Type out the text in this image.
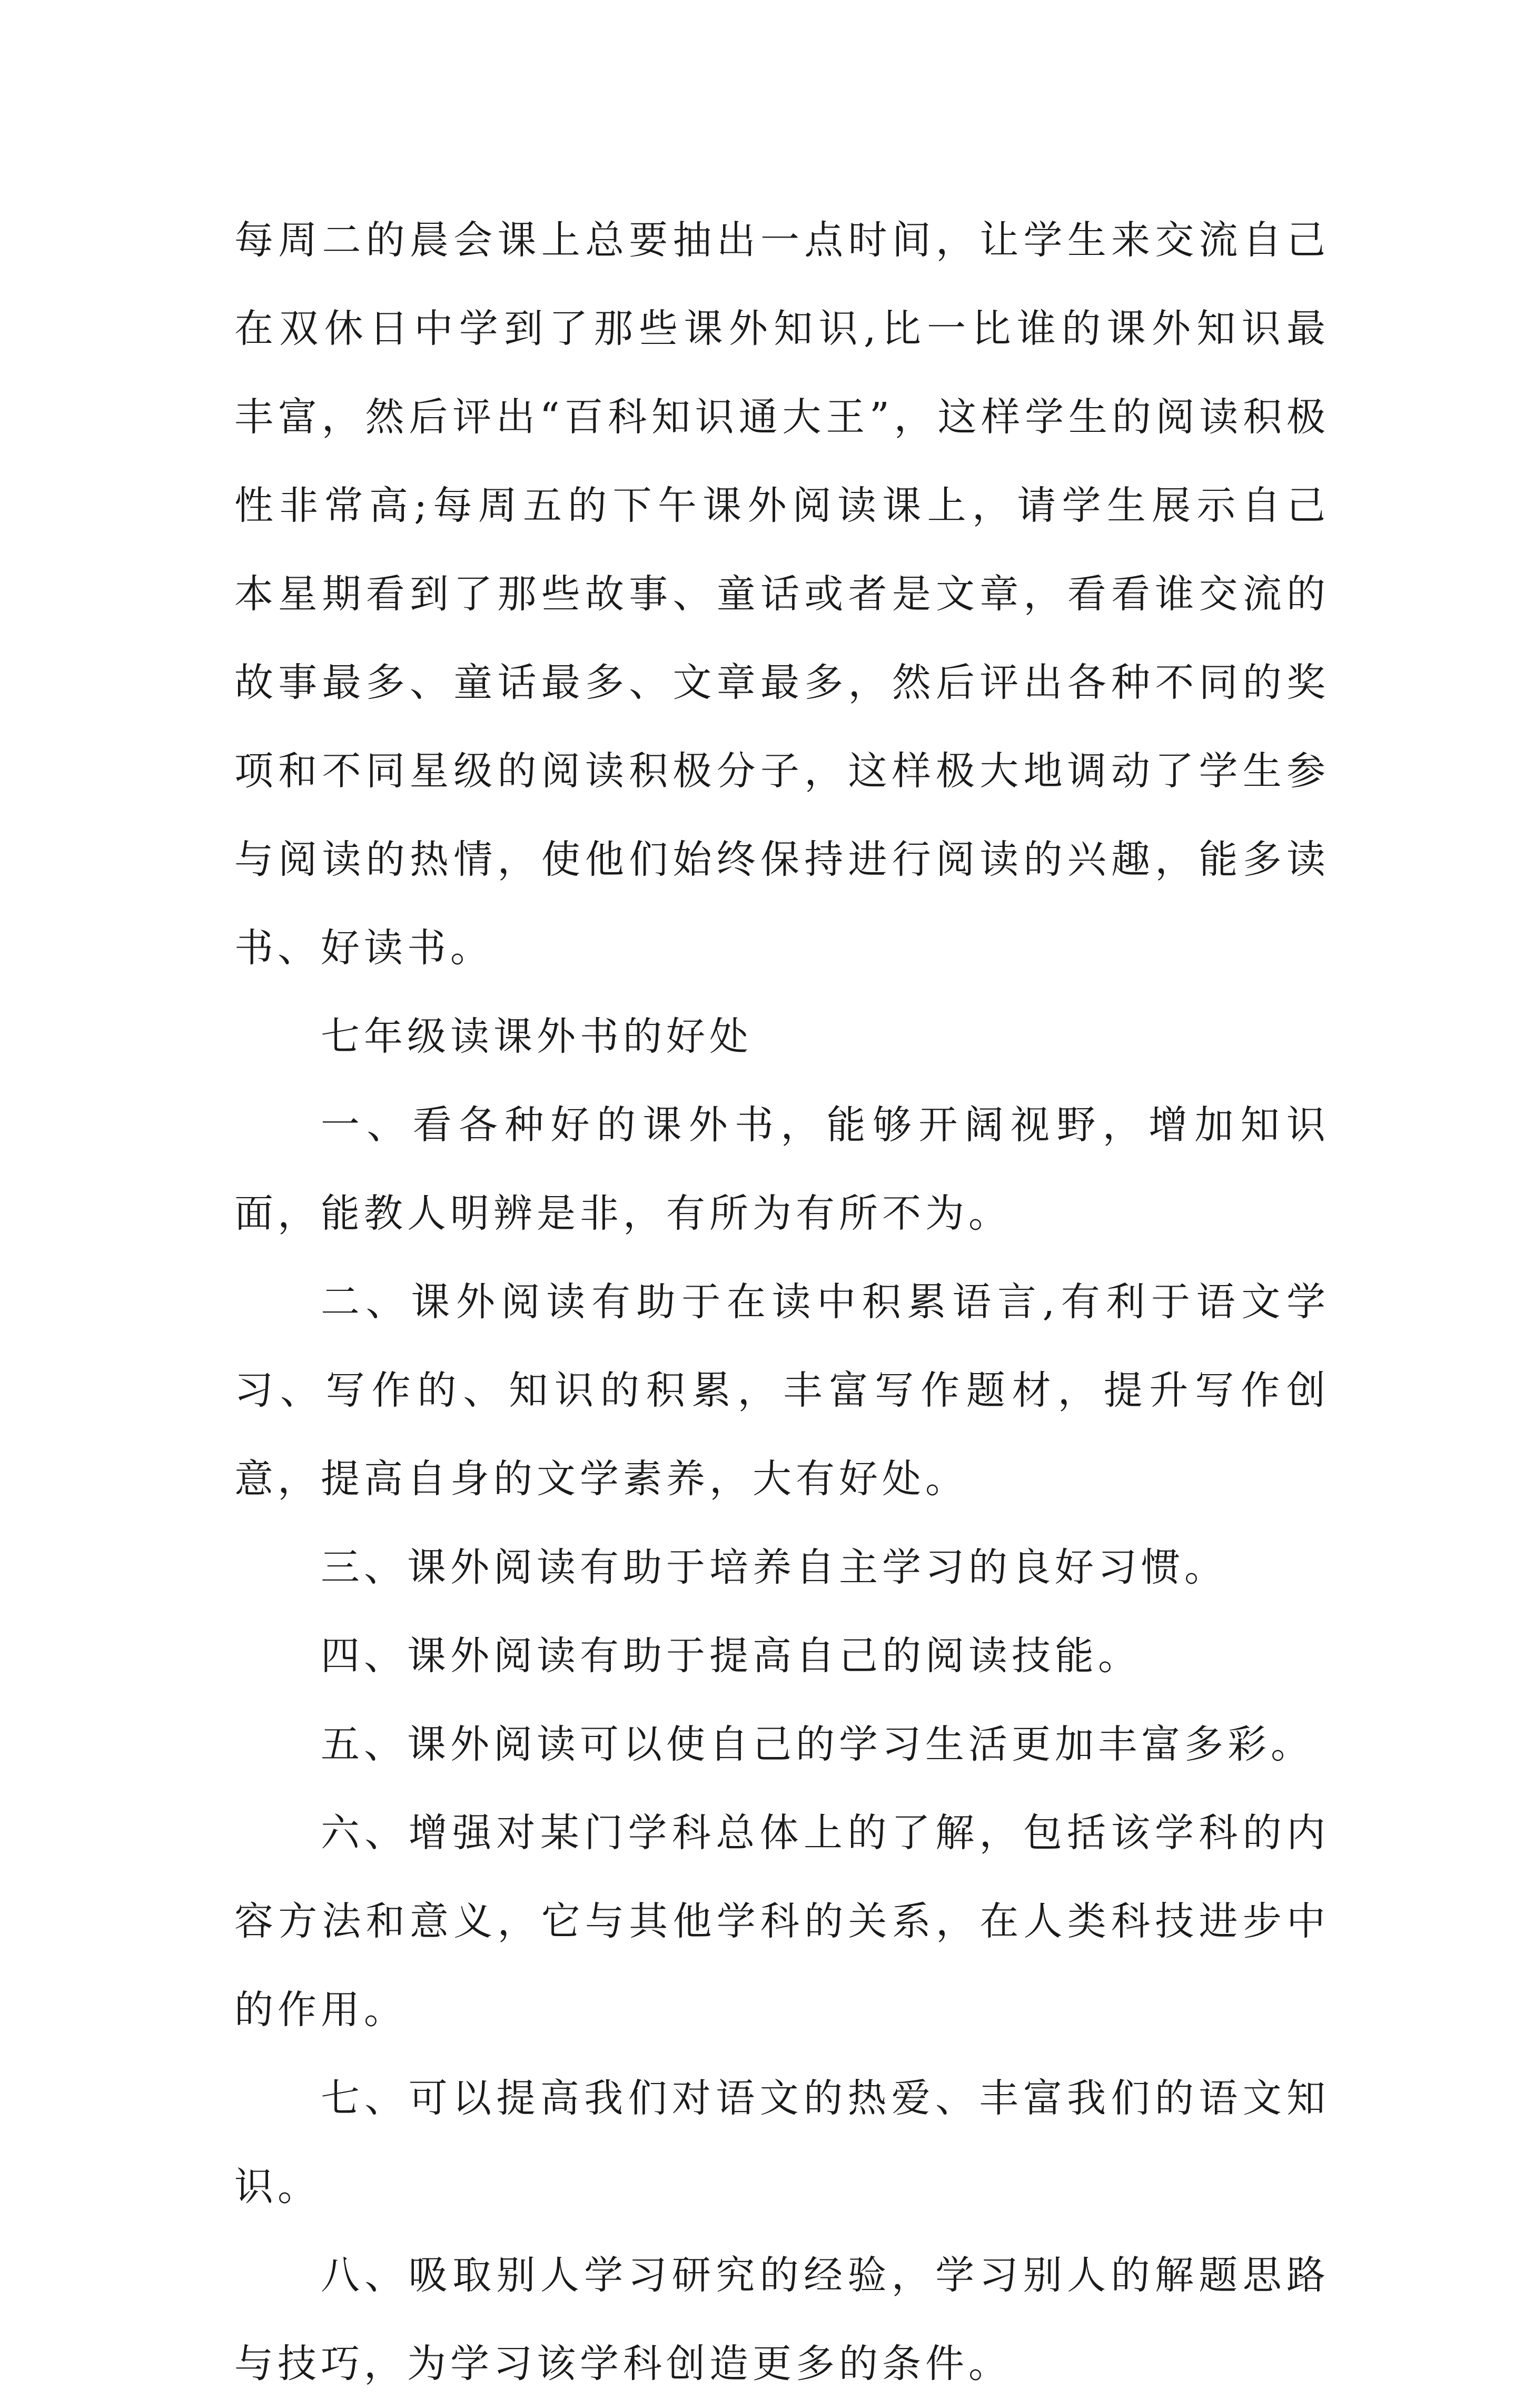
每周二的晨会课上总要抽出一点时间，让学生来交流自己在双休日中学到了那些课外知识,比一比谁的课外知识最丰富，然后评出“百科知识通大王”，这样学生的阅读积极性非常高;每周五的下午课外阅读课上，请学生展示自己本星期看到了那些故事、童话或者是文章，看看谁交流的故事最多、童话最多、文章最多，然后评出各种不同的奖项和不同星级的阅读积极分子，这样极大地调动了学生参与阅读的热情，使他们始终保持进行阅读的兴趣，能多读书、好读书。

七年级读课外书的好处

一、看各种好的课外书，能够开阔视野，增加知识面，能教人明辨是非，有所为有所不为。

二、课外阅读有助于在读中积累语言,有利于语文学习、写作的、知识的积累，丰富写作题材，提升写作创意，提高自身的文学素养，大有好处。

三、课外阅读有助于培养自主学习的良好习惯。

四、课外阅读有助于提高自己的阅读技能。

五、课外阅读可以使自己的学习生活更加丰富多彩。

六、增强对某门学科总体上的了解，包括该学科的内容方法和意义，它与其他学科的关系，在人类科技进步中的作用。

七、可以提高我们对语文的热爱、丰富我们的语文知识。

八、吸取别人学习研究的经验，学习别人的解题思路与技巧，为学习该学科创造更多的条件。
